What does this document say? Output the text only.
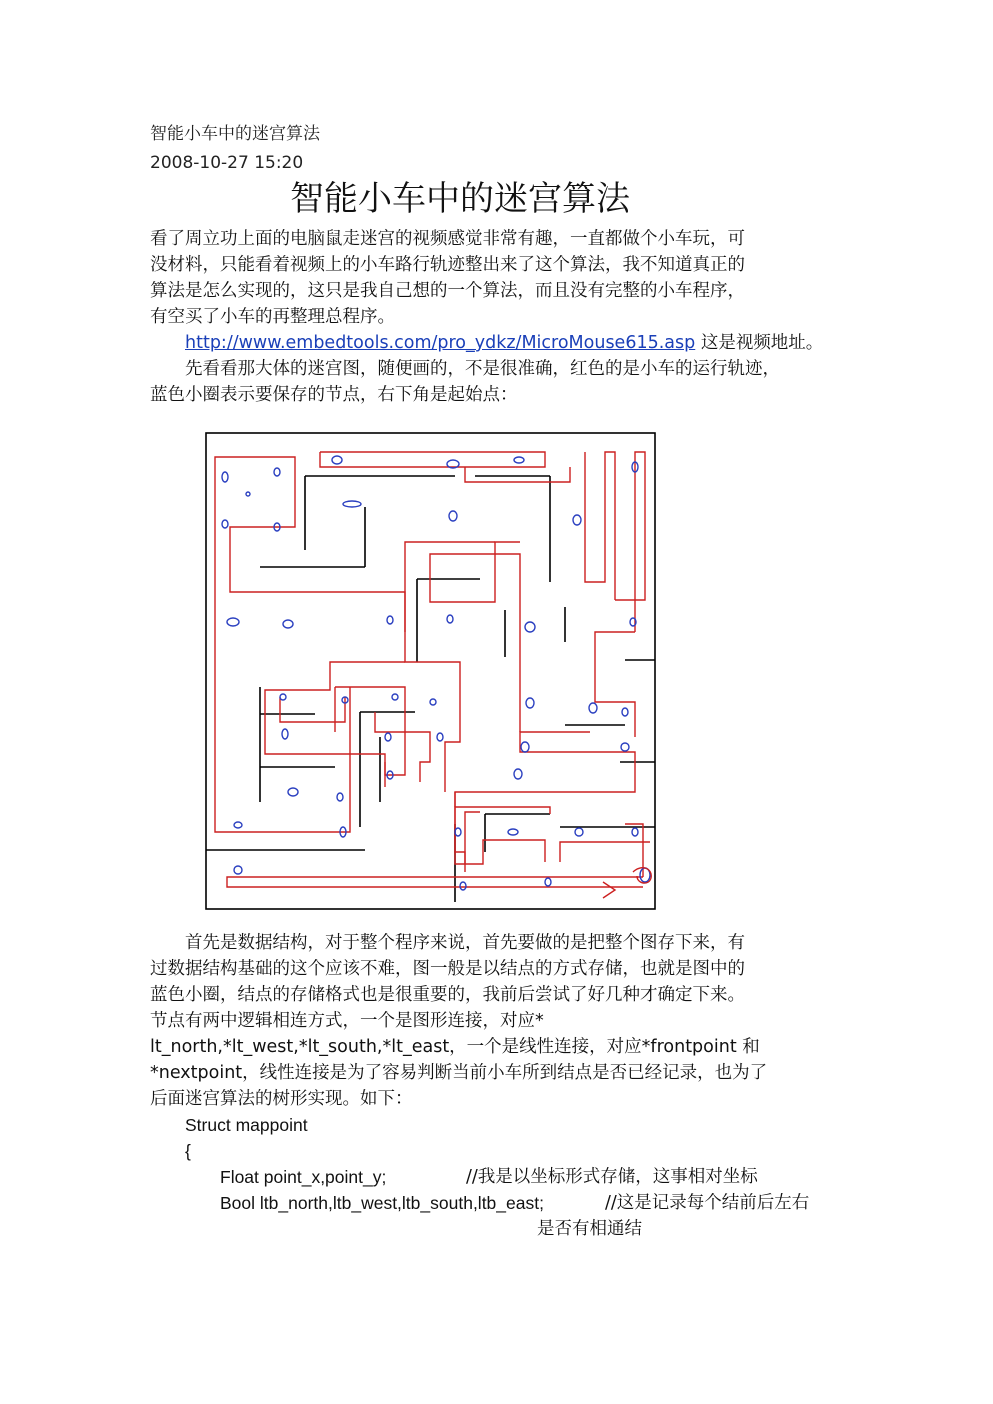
智能小车中的迷宫算法
2008-10-27 15:20
智能小车中的迷宫算法
看了周立功上面的电脑鼠走迷宫的视频感觉非常有趣，一直都做个小车玩，可
没材料，只能看着视频上的小车路行轨迹整出来了这个算法，我不知道真正的
算法是怎么实现的，这只是我自己想的一个算法，而且没有完整的小车程序，
有空买了小车的再整理总程序。
http://www.embedtools.com/pro_ydkz/MicroMouse615.asp 这是视频地址。
先看看那大体的迷宫图，随便画的，不是很准确，红色的是小车的运行轨迹，
蓝色小圈表示要保存的节点，右下角是起始点：
首先是数据结构，对于整个程序来说，首先要做的是把整个图存下来，有
过数据结构基础的这个应该不难，图一般是以结点的方式存储，也就是图中的
蓝色小圈，结点的存储格式也是很重要的，我前后尝试了好几种才确定下来。
节点有两中逻辑相连方式，一个是图形连接，对应*
lt_north,*lt_west,*lt_south,*lt_east，一个是线性连接，对应*frontpoint 和
*nextpoint，线性连接是为了容易判断当前小车所到结点是否已经记录，也为了
后面迷宫算法的树形实现。如下：
Struct mappoint
{
Float point_x,point_y;	//我是以坐标形式存储，这事相对坐标
Bool ltb_north,ltb_west,ltb_south,ltb_east;	//这是记录每个结前后左右
是否有相通结
